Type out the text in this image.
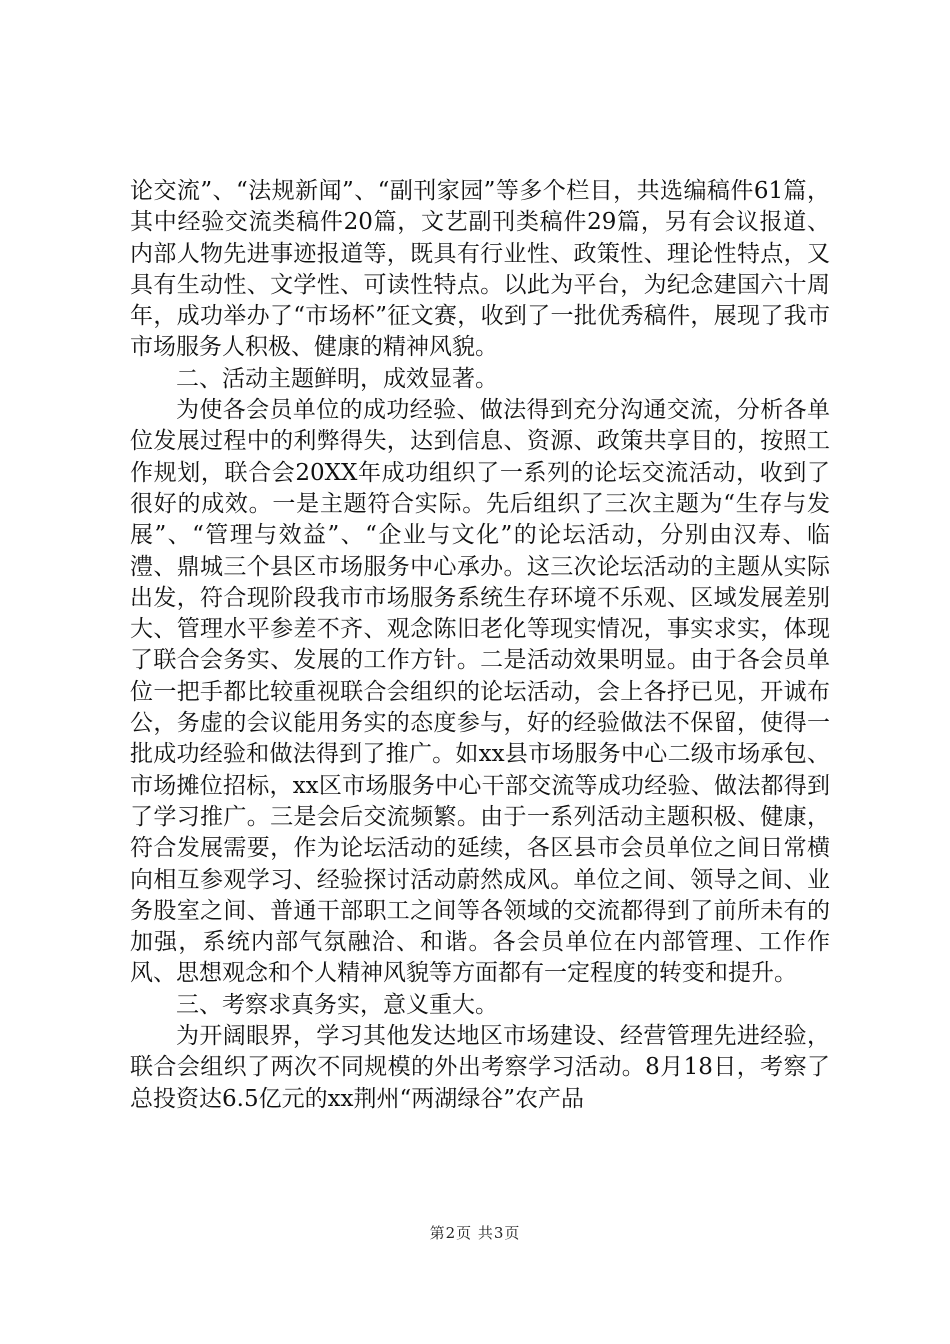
论交流”、“法规新闻”、“副刊家园”等多个栏目，共选编稿件61篇，其中经验交流类稿件20篇，文艺副刊类稿件29篇，另有会议报道、内部人物先进事迹报道等，既具有行业性、政策性、理论性特点，又具有生动性、文学性、可读性特点。以此为平台，为纪念建国六十周年，成功举办了“市场杯”征文赛，收到了一批优秀稿件，展现了我市市场服务人积极、健康的精神风貌。

二、活动主题鲜明，成效显著。

为使各会员单位的成功经验、做法得到充分沟通交流，分析各单位发展过程中的利弊得失，达到信息、资源、政策共享目的，按照工作规划，联合会20XX年成功组织了一系列的论坛交流活动，收到了很好的成效。一是主题符合实际。先后组织了三次主题为“生存与发展”、“管理与效益”、“企业与文化”的论坛活动，分别由汉寿、临澧、鼎城三个县区市场服务中心承办。这三次论坛活动的主题从实际出发，符合现阶段我市市场服务系统生存环境不乐观、区域发展差别大、管理水平参差不齐、观念陈旧老化等现实情况，事实求实，体现了联合会务实、发展的工作方针。二是活动效果明显。由于各会员单位一把手都比较重视联合会组织的论坛活动，会上各抒已见，开诚布公，务虚的会议能用务实的态度参与，好的经验做法不保留，使得一批成功经验和做法得到了推广。如xx县市场服务中心二级市场承包、市场摊位招标，xx区市场服务中心干部交流等成功经验、做法都得到了学习推广。三是会后交流频繁。由于一系列活动主题积极、健康，符合发展需要，作为论坛活动的延续，各区县市会员单位之间日常横向相互参观学习、经验探讨活动蔚然成风。单位之间、领导之间、业务股室之间、普通干部职工之间等各领域的交流都得到了前所未有的加强，系统内部气氛融洽、和谐。各会员单位在内部管理、工作作风、思想观念和个人精神风貌等方面都有一定程度的转变和提升。

三、考察求真务实，意义重大。

为开阔眼界，学习其他发达地区市场建设、经营管理先进经验，联合会组织了两次不同规模的外出考察学习活动。8月18日，考察了总投资达6.5亿元的xx荆州“两湖绿谷”农产品

第2页 共3页
